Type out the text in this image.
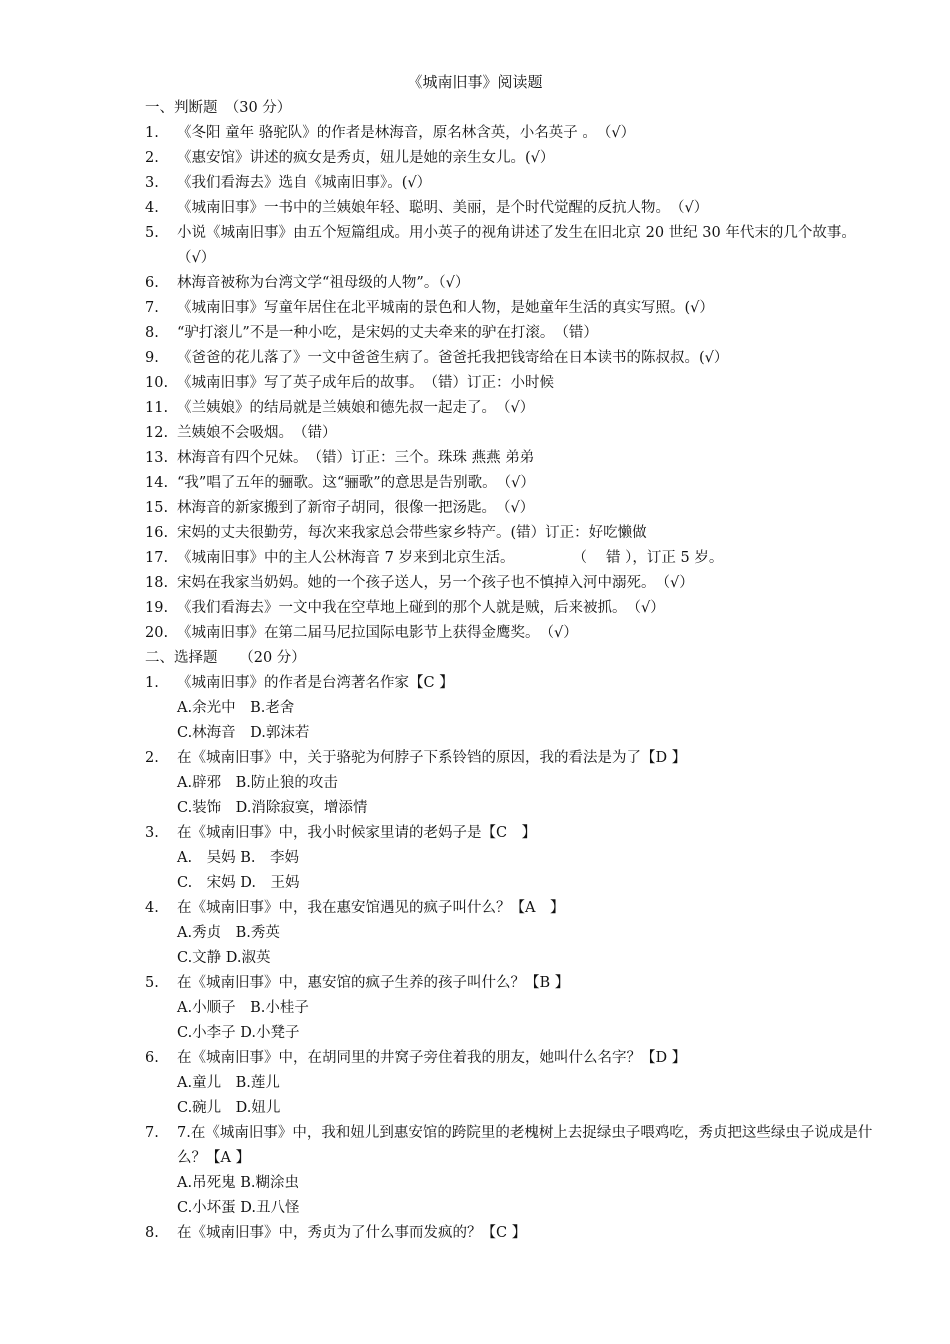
《城南旧事》阅读题
一、判断题　（30 分）
1.	《冬阳 童年 骆驼队》的作者是林海音，原名林含英，小名英子 。　（√）
2.	《惠安馆》讲述的疯女是秀贞，妞儿是她的亲生女儿。(√）
3.	《我们看海去》选自《城南旧事》。(√）
4.	《城南旧事》一书中的兰姨娘年轻、聪明、美丽，是个时代觉醒的反抗人物。　（√）
5.	小说《城南旧事》由五个短篇组成。用小英子的视角讲述了发生在旧北京 20 世纪 30 年代末的几个故事。（√）
6.	林海音被称为台湾文学“祖母级的人物”。（√）
7.	《城南旧事》写童年居住在北平城南的景色和人物，是她童年生活的真实写照。(√）
8.	“驴打滚儿”不是一种小吃，是宋妈的丈夫牵来的驴在打滚。　（错）
9.	《爸爸的花儿落了》一文中爸爸生病了。爸爸托我把钱寄给在日本读书的陈叔叔。(√）
10. 《城南旧事》写了英子成年后的故事。　（错）订正：小时候
11. 《兰姨娘》的结局就是兰姨娘和德先叔一起走了。　（√）
12. 兰姨娘不会吸烟。　（错）
13. 林海音有四个兄妹。　（错）订正：三个。珠珠 燕燕 弟弟
14. “我”唱了五年的骊歌。这“骊歌”的意思是告别歌。　（√）
15. 林海音的新家搬到了新帘子胡同，很像一把汤匙。　（√）
16. 宋妈的丈夫很勤劳，每次来我家总会带些家乡特产。(错）订正：好吃懒做
17. 《城南旧事》中的主人公林海音 7 岁来到北京生活。　　　　　（　 错 ），订正 5 岁。
18. 宋妈在我家当奶妈。她的一个孩子送人，另一个孩子也不慎掉入河中溺死。　（√）
19. 《我们看海去》一文中我在空草地上碰到的那个人就是贼，后来被抓。　（√）
20. 《城南旧事》在第二届马尼拉国际电影节上获得金鹰奖。　（√）
二、选择题　　（20 分）
1.	《城南旧事》的作者是台湾著名作家【C 】
A.余光中　B.老舍
C.林海音　D.郭沫若
2.	在《城南旧事》中，关于骆驼为何脖子下系铃铛的原因，我的看法是为了【D 】
A.辟邪　B.防止狼的攻击
C.装饰　D.消除寂寞，增添情
3.	在《城南旧事》中，我小时候家里请的老妈子是【C　】
A.　吴妈 B.　李妈
C.　宋妈 D.　王妈
4.	在《城南旧事》中，我在惠安馆遇见的疯子叫什么？【A　】
A.秀贞　B.秀英
C.文静 D.淑英
5.	在《城南旧事》中，惠安馆的疯子生养的孩子叫什么？【B 】
A.小顺子　B.小桂子
C.小李子 D.小凳子
6.	在《城南旧事》中，在胡同里的井窝子旁住着我的朋友，她叫什么名字？【D 】
A.童儿　B.莲儿
C.碗儿　D.妞儿
7.	7.在《城南旧事》中，我和妞儿到惠安馆的跨院里的老槐树上去捉绿虫子喂鸡吃，秀贞把这些绿虫子说成是什么？【A 】
A.吊死鬼 B.糊涂虫
C.小坏蛋 D.丑八怪
8.	在《城南旧事》中，秀贞为了什么事而发疯的？【C 】
